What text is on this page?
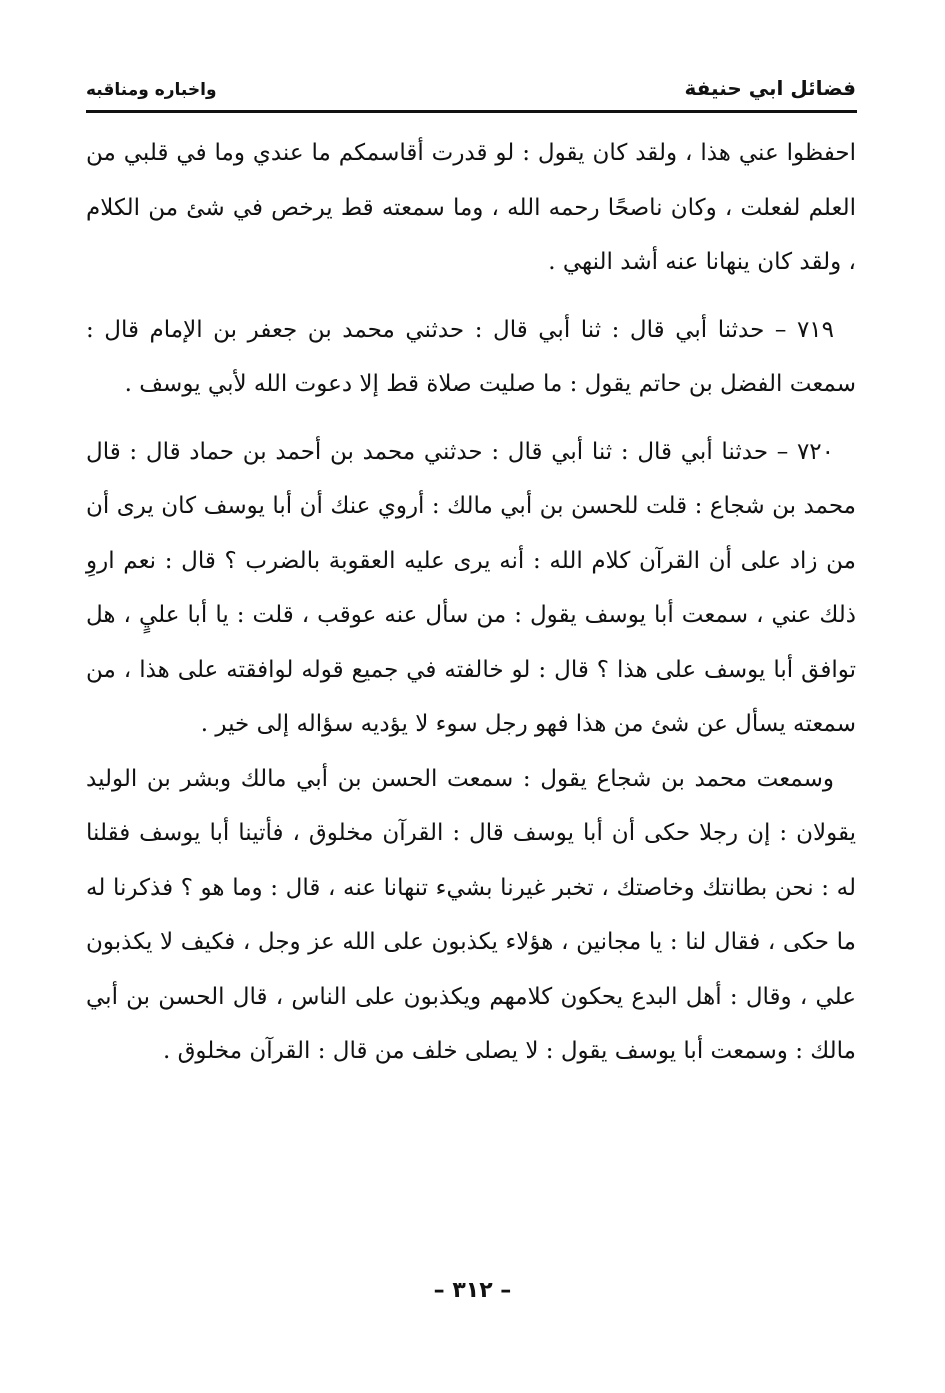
فضائل ابي حنيفة
واخباره ومناقبه

احفظوا عني هذا ، ولقد كان يقول : لو قدرت أقاسمكم ما عندي وما في قلبي من العلم لفعلت ، وكان ناصحًا رحمه الله ، وما سمعته قط يرخص في شئ من الكلام ، ولقد كان ينهانا عنه أشد النهي .

٧١٩ – حدثنا أبي قال : ثنا أبي قال : حدثني محمد بن جعفر بن الإمام قال : سمعت الفضل بن حاتم يقول : ما صليت صلاة قط إلا دعوت الله لأبي يوسف .

٧٢٠ – حدثنا أبي قال : ثنا أبي قال : حدثني محمد بن أحمد بن حماد قال : قال محمد بن شجاع : قلت للحسن بن أبي مالك : أروي عنك أن أبا يوسف كان يرى أن من زاد على أن القرآن كلام الله : أنه يرى عليه العقوبة بالضرب ؟ قال : نعم اروِ ذلك عني ، سمعت أبا يوسف يقول : من سأل عنه عوقب ، قلت : يا أبا عليٍ ، هل توافق أبا يوسف على هذا ؟ قال : لو خالفته في جميع قوله لوافقته على هذا ، من سمعته يسأل عن شئ من هذا فهو رجل سوء لا يؤديه سؤاله إلى خير .

وسمعت محمد بن شجاع يقول : سمعت الحسن بن أبي مالك وبشر بن الوليد يقولان : إن رجلا حكى أن أبا يوسف قال : القرآن مخلوق ، فأتينا أبا يوسف فقلنا له : نحن بطانتك وخاصتك ، تخبر غيرنا بشيء تنهانا عنه ، قال : وما هو ؟ فذكرنا له ما حكى ، فقال لنا : يا مجانين ، هؤلاء يكذبون على الله عز وجل ، فكيف لا يكذبون علي ، وقال : أهل البدع يحكون كلامهم ويكذبون على الناس ، قال الحسن بن أبي مالك : وسمعت أبا يوسف يقول : لا يصلى خلف من قال : القرآن مخلوق .

– ٣١٢ –
